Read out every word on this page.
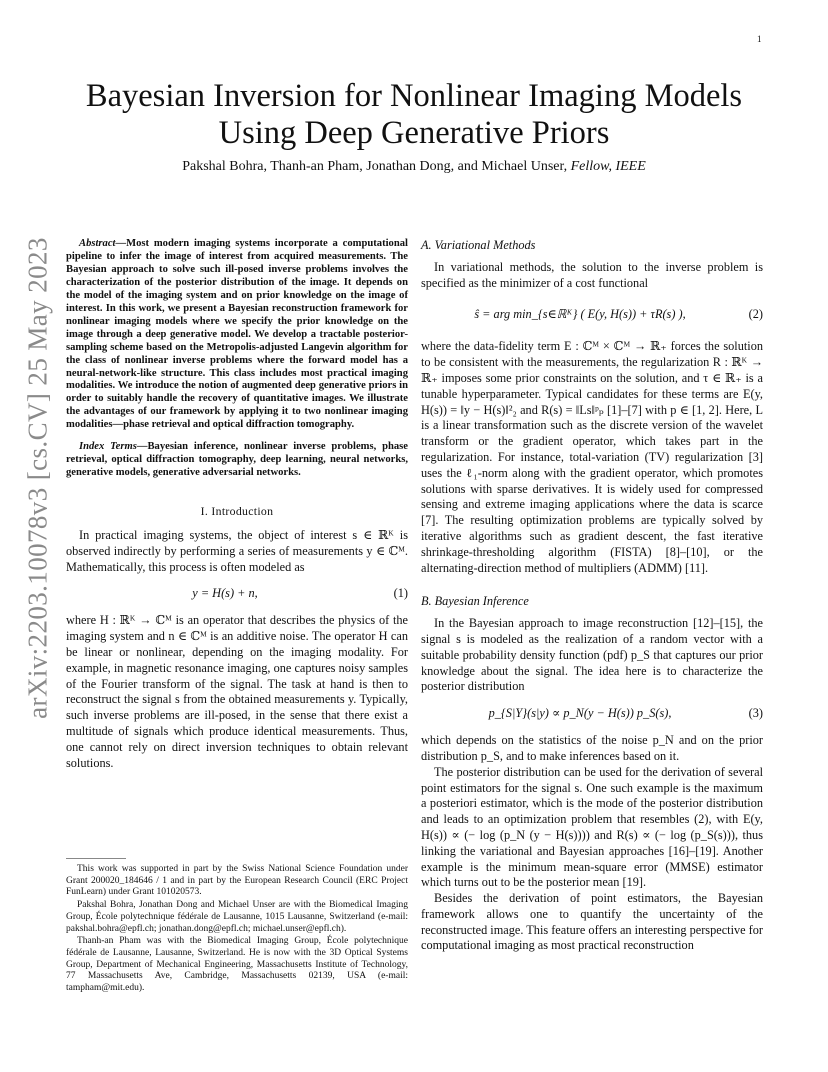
1
arXiv:2203.10078v3 [cs.CV] 25 May 2023
Bayesian Inversion for Nonlinear Imaging Models
Using Deep Generative Priors
Pakshal Bohra, Thanh-an Pham, Jonathan Dong, and Michael Unser, Fellow, IEEE

Abstract—Most modern imaging systems incorporate a computational pipeline to infer the image of interest from acquired measurements. The Bayesian approach to solve such ill-posed inverse problems involves the characterization of the posterior distribution of the image. It depends on the model of the imaging system and on prior knowledge on the image of interest. In this work, we present a Bayesian reconstruction framework for nonlinear imaging models where we specify the prior knowledge on the image through a deep generative model. We develop a tractable posterior-sampling scheme based on the Metropolis-adjusted Langevin algorithm for the class of nonlinear inverse problems where the forward model has a neural-network-like structure. This class includes most practical imaging modalities. We introduce the notion of augmented deep generative priors in order to suitably handle the recovery of quantitative images. We illustrate the advantages of our framework by applying it to two nonlinear imaging modalities—phase retrieval and optical diffraction tomography.

Index Terms—Bayesian inference, nonlinear inverse problems, phase retrieval, optical diffraction tomography, deep learning, neural networks, generative models, generative adversarial networks.

I. Introduction

In practical imaging systems, the object of interest s ∈ ℝᴷ is observed indirectly by performing a series of measurements y ∈ ℂᴹ. Mathematically, this process is often modeled as

y = H(s) + n,	(1)

where H : ℝᴷ → ℂᴹ is an operator that describes the physics of the imaging system and n ∈ ℂᴹ is an additive noise. The operator H can be linear or nonlinear, depending on the imaging modality. For example, in magnetic resonance imaging, one captures noisy samples of the Fourier transform of the signal. The task at hand is then to reconstruct the signal s from the obtained measurements y. Typically, such inverse problems are ill-posed, in the sense that there exist a multitude of signals which produce identical measurements. Thus, one cannot rely on direct inversion techniques to obtain relevant solutions.

This work was supported in part by the Swiss National Science Foundation under Grant 200020_184646 / 1 and in part by the European Research Council (ERC Project FunLearn) under Grant 101020573.

Pakshal Bohra, Jonathan Dong and Michael Unser are with the Biomedical Imaging Group, École polytechnique fédérale de Lausanne, 1015 Lausanne, Switzerland (e-mail: pakshal.bohra@epfl.ch; jonathan.dong@epfl.ch; michael.unser@epfl.ch).

Thanh-an Pham was with the Biomedical Imaging Group, École polytechnique fédérale de Lausanne, Lausanne, Switzerland. He is now with the 3D Optical Systems Group, Department of Mechanical Engineering, Massachusetts Institute of Technology, 77 Massachusetts Ave, Cambridge, Massachusetts 02139, USA (e-mail: tampham@mit.edu).

A. Variational Methods

In variational methods, the solution to the inverse problem is specified as the minimizer of a cost functional

ŝ = arg min_{s∈ℝᴷ} ( E(y, H(s)) + τR(s) ),	(2)

where the data-fidelity term E : ℂᴹ × ℂᴹ → ℝ₊ forces the solution to be consistent with the measurements, the regularization R : ℝᴷ → ℝ₊ imposes some prior constraints on the solution, and τ ∈ ℝ₊ is a tunable hyperparameter. Typical candidates for these terms are E(y, H(s)) = ‖y − H(s)‖²₂ and R(s) = ‖Ls‖ᵖₚ [1]–[7] with p ∈ [1, 2]. Here, L is a linear transformation such as the discrete version of the wavelet transform or the gradient operator, which takes part in the regularization. For instance, total-variation (TV) regularization [3] uses the ℓ₁-norm along with the gradient operator, which promotes solutions with sparse derivatives. It is widely used for compressed sensing and extreme imaging applications where the data is scarce [7]. The resulting optimization problems are typically solved by iterative algorithms such as gradient descent, the fast iterative shrinkage-thresholding algorithm (FISTA) [8]–[10], or the alternating-direction method of multipliers (ADMM) [11].

B. Bayesian Inference

In the Bayesian approach to image reconstruction [12]–[15], the signal s is modeled as the realization of a random vector with a suitable probability density function (pdf) p_S that captures our prior knowledge about the signal. The idea here is to characterize the posterior distribution

p_{S|Y}(s|y) ∝ p_N(y − H(s)) p_S(s),	(3)

which depends on the statistics of the noise p_N and on the prior distribution p_S, and to make inferences based on it.

The posterior distribution can be used for the derivation of several point estimators for the signal s. One such example is the maximum a posteriori estimator, which is the mode of the posterior distribution and leads to an optimization problem that resembles (2), with E(y, H(s)) ∝ (− log (p_N (y − H(s)))) and R(s) ∝ (− log (p_S(s))), thus linking the variational and Bayesian approaches [16]–[19]. Another example is the minimum mean-square error (MMSE) estimator which turns out to be the posterior mean [19].

Besides the derivation of point estimators, the Bayesian framework allows one to quantify the uncertainty of the reconstructed image. This feature offers an interesting perspective for computational imaging as most practical reconstruction
